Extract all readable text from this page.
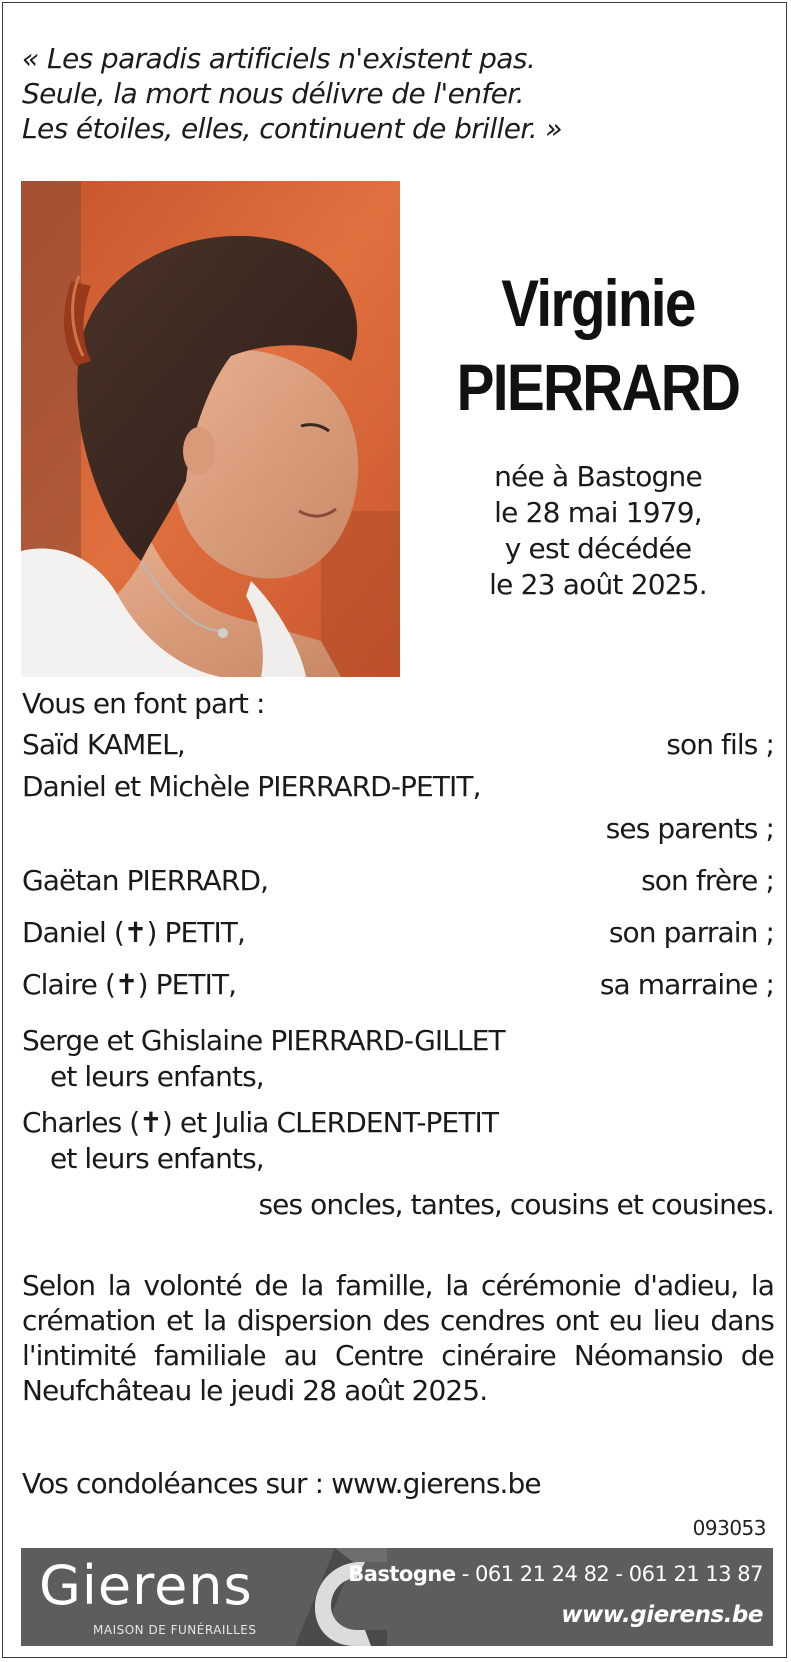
« Les paradis artificiels n'existent pas.
Seule, la mort nous délivre de l'enfer.
Les étoiles, elles, continuent de briller. »
Virginie
PIERRARD
née à Bastogne
le 28 mai 1979,
y est décédée
le 23 août 2025.
Vous en font part :
Saïd KAMEL,	son fils ;
Daniel et Michèle PIERRARD-PETIT,
ses parents ;
Gaëtan PIERRARD,	son frère ;
Daniel (✝) PETIT,	son parrain ;
Claire (✝) PETIT,	sa marraine ;
Serge et Ghislaine PIERRARD-GILLET
et leurs enfants,
Charles (✝) et Julia CLERDENT-PETIT
et leurs enfants,
ses oncles, tantes, cousins et cousines.
Selon la volonté de la famille, la cérémonie d'adieu, la crémation et la dispersion des cendres ont eu lieu dans l'intimité familiale au Centre cinéraire Néomansio de Neufchâteau le jeudi 28 août 2025.
Vos condoléances sur : www.gierens.be
093053
Gierens
MAISON DE FUNÉRAILLES
Bastogne - 061 21 24 82 - 061 21 13 87
www.gierens.be
